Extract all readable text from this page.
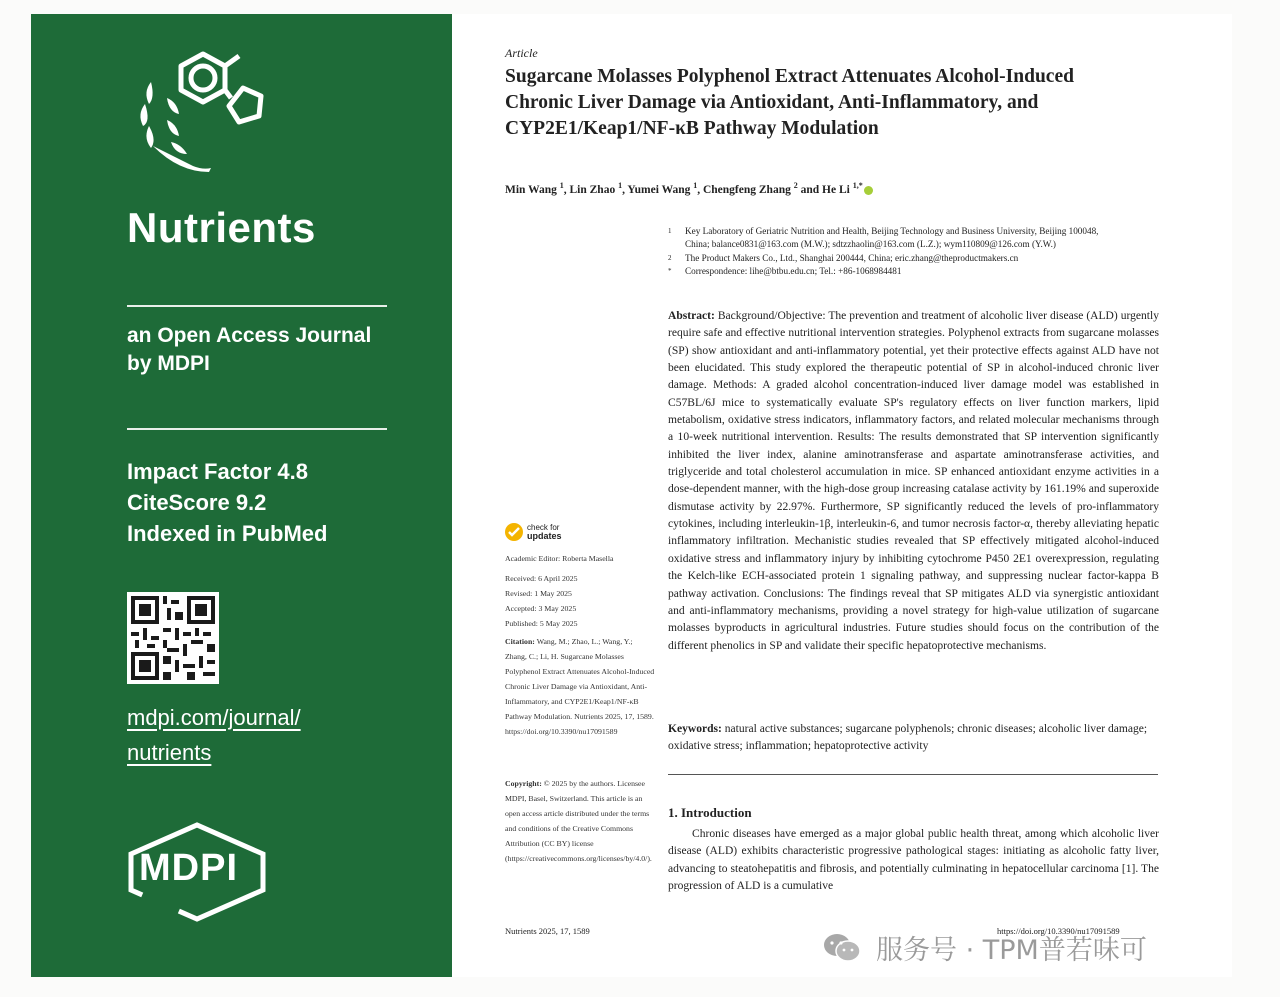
Nutrients
an Open Access Journal
by MDPI
Impact Factor 4.8
CiteScore 9.2
Indexed in PubMed
mdpi.com/journal/
nutrients
MDPI
Article
Sugarcane Molasses Polyphenol Extract Attenuates Alcohol-Induced Chronic Liver Damage via Antioxidant, Anti-Inflammatory, and CYP2E1/Keap1/NF-κB Pathway Modulation
Min Wang $^1$, Lin Zhao $^1$, Yumei Wang $^1$, Chengfeng Zhang $^2$ and He Li $^{1,*}$
1	Key Laboratory of Geriatric Nutrition and Health, Beijing Technology and Business University, Beijing 100048, China; balance0831@163.com (M.W.); sdtzzhaolin@163.com (L.Z.); wym110809@126.com (Y.W.)
2	The Product Makers Co., Ltd., Shanghai 200444, China; eric.zhang@theproductmakers.cn
*	Correspondence: lihe@btbu.edu.cn; Tel.: +86-1068984481
Abstract: Background/Objective: The prevention and treatment of alcoholic liver disease (ALD) urgently require safe and effective nutritional intervention strategies. Polyphenol extracts from sugarcane molasses (SP) show antioxidant and anti-inflammatory potential, yet their protective effects against ALD have not been elucidated. This study explored the therapeutic potential of SP in alcohol-induced chronic liver damage. Methods: A graded alcohol concentration-induced liver damage model was established in C57BL/6J mice to systematically evaluate SP's regulatory effects on liver function markers, lipid metabolism, oxidative stress indicators, inflammatory factors, and related molecular mechanisms through a 10-week nutritional intervention. Results: The results demonstrated that SP intervention significantly inhibited the liver index, alanine aminotransferase and aspartate aminotransferase activities, and triglyceride and total cholesterol accumulation in mice. SP enhanced antioxidant enzyme activities in a dose-dependent manner, with the high-dose group increasing catalase activity by 161.19% and superoxide dismutase activity by 22.97%. Furthermore, SP significantly reduced the levels of pro-inflammatory cytokines, including interleukin-1β, interleukin-6, and tumor necrosis factor-α, thereby alleviating hepatic inflammatory infiltration. Mechanistic studies revealed that SP effectively mitigated alcohol-induced oxidative stress and inflammatory injury by inhibiting cytochrome P450 2E1 overexpression, regulating the Kelch-like ECH-associated protein 1 signaling pathway, and suppressing nuclear factor-kappa B pathway activation. Conclusions: The findings reveal that SP mitigates ALD via synergistic antioxidant and anti-inflammatory mechanisms, providing a novel strategy for high-value utilization of sugarcane molasses byproducts in agricultural industries. Future studies should focus on the contribution of the different phenolics in SP and validate their specific hepatoprotective mechanisms.
Keywords: natural active substances; sugarcane polyphenols; chronic diseases; alcoholic liver damage; oxidative stress; inflammation; hepatoprotective activity
1. Introduction
Chronic diseases have emerged as a major global public health threat, among which alcoholic liver disease (ALD) exhibits characteristic progressive pathological stages: initiating as alcoholic fatty liver, advancing to steatohepatitis and fibrosis, and potentially culminating in hepatocellular carcinoma [1]. The progression of ALD is a cumulative
check for
updates
Academic Editor: Roberta Masella
Received: 6 April 2025
Revised: 1 May 2025
Accepted: 3 May 2025
Published: 5 May 2025
Citation: Wang, M.; Zhao, L.; Wang, Y.; Zhang, C.; Li, H. Sugarcane Molasses Polyphenol Extract Attenuates Alcohol-Induced Chronic Liver Damage via Antioxidant, Anti-Inflammatory, and CYP2E1/Keap1/NF-κB Pathway Modulation. Nutrients 2025, 17, 1589. https://doi.org/10.3390/nu17091589
Copyright: © 2025 by the authors. Licensee MDPI, Basel, Switzerland. This article is an open access article distributed under the terms and conditions of the Creative Commons Attribution (CC BY) license (https://creativecommons.org/licenses/by/4.0/).
Nutrients 2025, 17, 1589	https://doi.org/10.3390/nu17091589
服务号 · TPM普若味可
